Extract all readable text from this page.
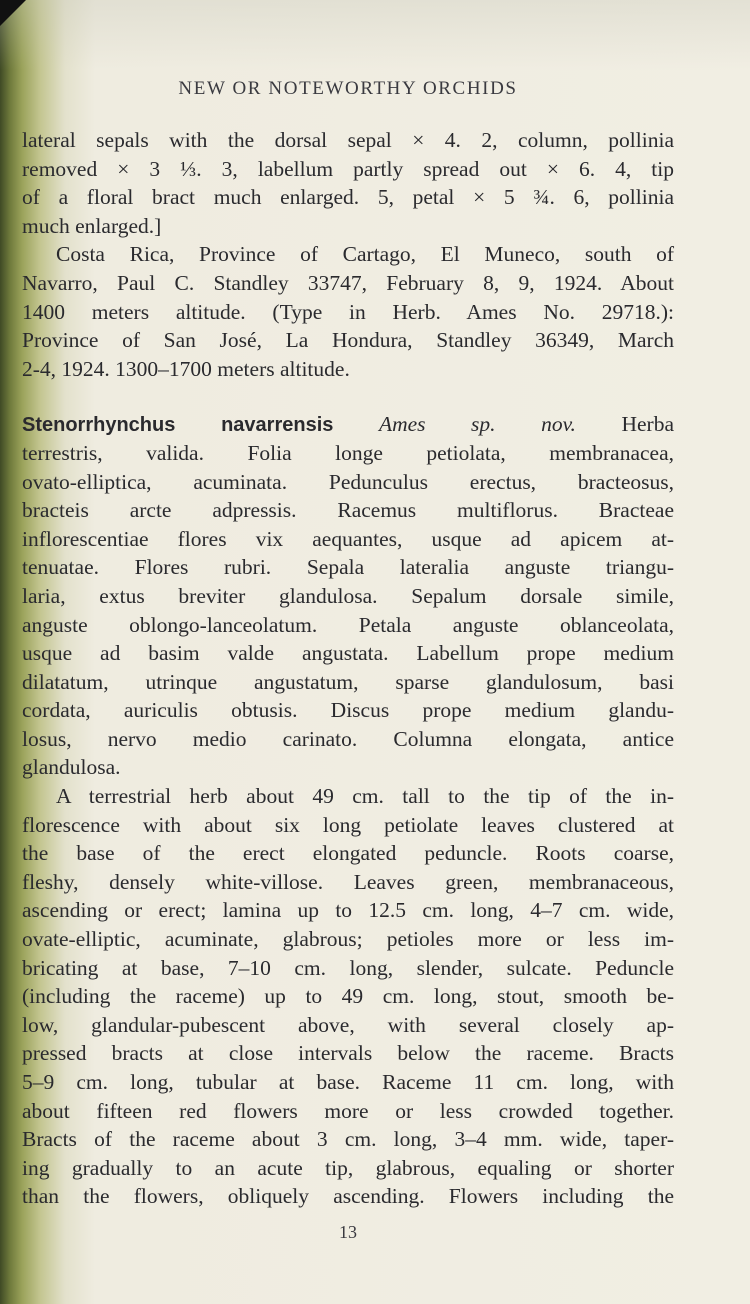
NEW OR NOTEWORTHY ORCHIDS
lateral sepals with the dorsal sepal × 4. 2, column, pollinia
removed × 3 ⅓. 3, labellum partly spread out × 6. 4, tip
of a floral bract much enlarged. 5, petal × 5 ¾. 6, pollinia
much enlarged.]
Costa Rica, Province of Cartago, El Muneco, south of
Navarro, Paul C. Standley 33747, February 8, 9, 1924. About
1400 meters altitude. (Type in Herb. Ames No. 29718.):
Province of San José, La Hondura, Standley 36349, March
2-4, 1924. 1300–1700 meters altitude.
Stenorrhynchus navarrensis Ames sp. nov. Herba
terrestris, valida. Folia longe petiolata, membranacea,
ovato-elliptica, acuminata. Pedunculus erectus, bracteosus,
bracteis arcte adpressis. Racemus multiflorus. Bracteae
inflorescentiae flores vix aequantes, usque ad apicem at-
tenuatae. Flores rubri. Sepala lateralia anguste triangu-
laria, extus breviter glandulosa. Sepalum dorsale simile,
anguste oblongo-lanceolatum. Petala anguste oblanceolata,
usque ad basim valde angustata. Labellum prope medium
dilatatum, utrinque angustatum, sparse glandulosum, basi
cordata, auriculis obtusis. Discus prope medium glandu-
losus, nervo medio carinato. Columna elongata, antice
glandulosa.
A terrestrial herb about 49 cm. tall to the tip of the in-
florescence with about six long petiolate leaves clustered at
the base of the erect elongated peduncle. Roots coarse,
fleshy, densely white-villose. Leaves green, membranaceous,
ascending or erect; lamina up to 12.5 cm. long, 4–7 cm. wide,
ovate-elliptic, acuminate, glabrous; petioles more or less im-
bricating at base, 7–10 cm. long, slender, sulcate. Peduncle
(including the raceme) up to 49 cm. long, stout, smooth be-
low, glandular-pubescent above, with several closely ap-
pressed bracts at close intervals below the raceme. Bracts
5–9 cm. long, tubular at base. Raceme 11 cm. long, with
about fifteen red flowers more or less crowded together.
Bracts of the raceme about 3 cm. long, 3–4 mm. wide, taper-
ing gradually to an acute tip, glabrous, equaling or shorter
than the flowers, obliquely ascending. Flowers including the
13
